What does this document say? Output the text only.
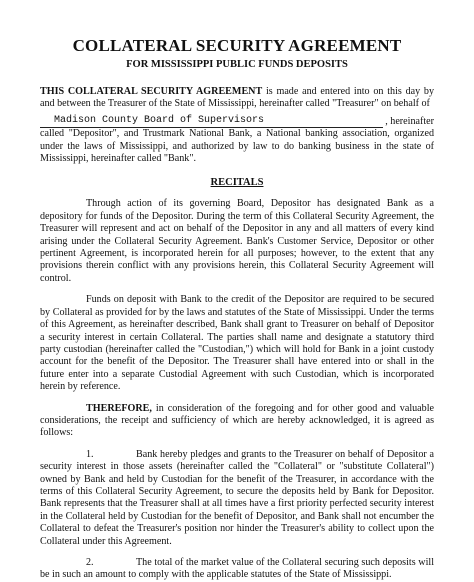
COLLATERAL SECURITY AGREEMENT

FOR MISSISSIPPI PUBLIC FUNDS DEPOSITS

THIS COLLATERAL SECURITY AGREEMENT is made and entered into on this day by and between the Treasurer of the State of Mississippi, hereinafter called "Treasurer" on behalf of

Madison County Board of Supervisors	, hereinafter

called "Depositor", and Trustmark National Bank, a National banking association, organized under the laws of Mississippi, and authorized by law to do banking business in the state of Mississippi, hereinafter called "Bank".

RECITALS

Through action of its governing Board, Depositor has designated Bank as a depository for funds of the Depositor. During the term of this Collateral Security Agreement, the Treasurer will represent and act on behalf of the Depositor in any and all matters of every kind arising under the Collateral Security Agreement. Bank's Customer Service, Depositor or other pertinent Agreement, is incorporated herein for all purposes; however, to the extent that any provisions therein conflict with any provisions herein, this Collateral Security Agreement will control.

Funds on deposit with Bank to the credit of the Depositor are required to be secured by Collateral as provided for by the laws and statutes of the State of Mississippi. Under the terms of this Agreement, as hereinafter described, Bank shall grant to Treasurer on behalf of Depositor a security interest in certain Collateral. The parties shall name and designate a statutory third party custodian (hereinafter called the "Custodian,") which will hold for Bank in a joint custody account for the benefit of the Depositor. The Treasurer shall have entered into or shall in the future enter into a separate Custodial Agreement with such Custodian, which is incorporated herein by reference.

THEREFORE, in consideration of the foregoing and for other good and valuable considerations, the receipt and sufficiency of which are hereby acknowledged, it is agreed as follows:

1.	Bank hereby pledges and grants to the Treasurer on behalf of Depositor a security interest in those assets (hereinafter called the "Collateral" or "substitute Collateral") owned by Bank and held by Custodian for the benefit of the Treasurer, in accordance with the terms of this Collateral Security Agreement, to secure the deposits held by Bank for Depositor. Bank represents that the Treasurer shall at all times have a first priority perfected security interest in the Collateral held by Custodian for the benefit of Depositor, and Bank shall not encumber the Collateral to defeat the Treasurer's position nor hinder the Treasurer's ability to collect upon the Collateral under this Agreement.

2.	The total of the market value of the Collateral securing such deposits will be in such an amount to comply with the applicable statutes of the State of Mississippi.
